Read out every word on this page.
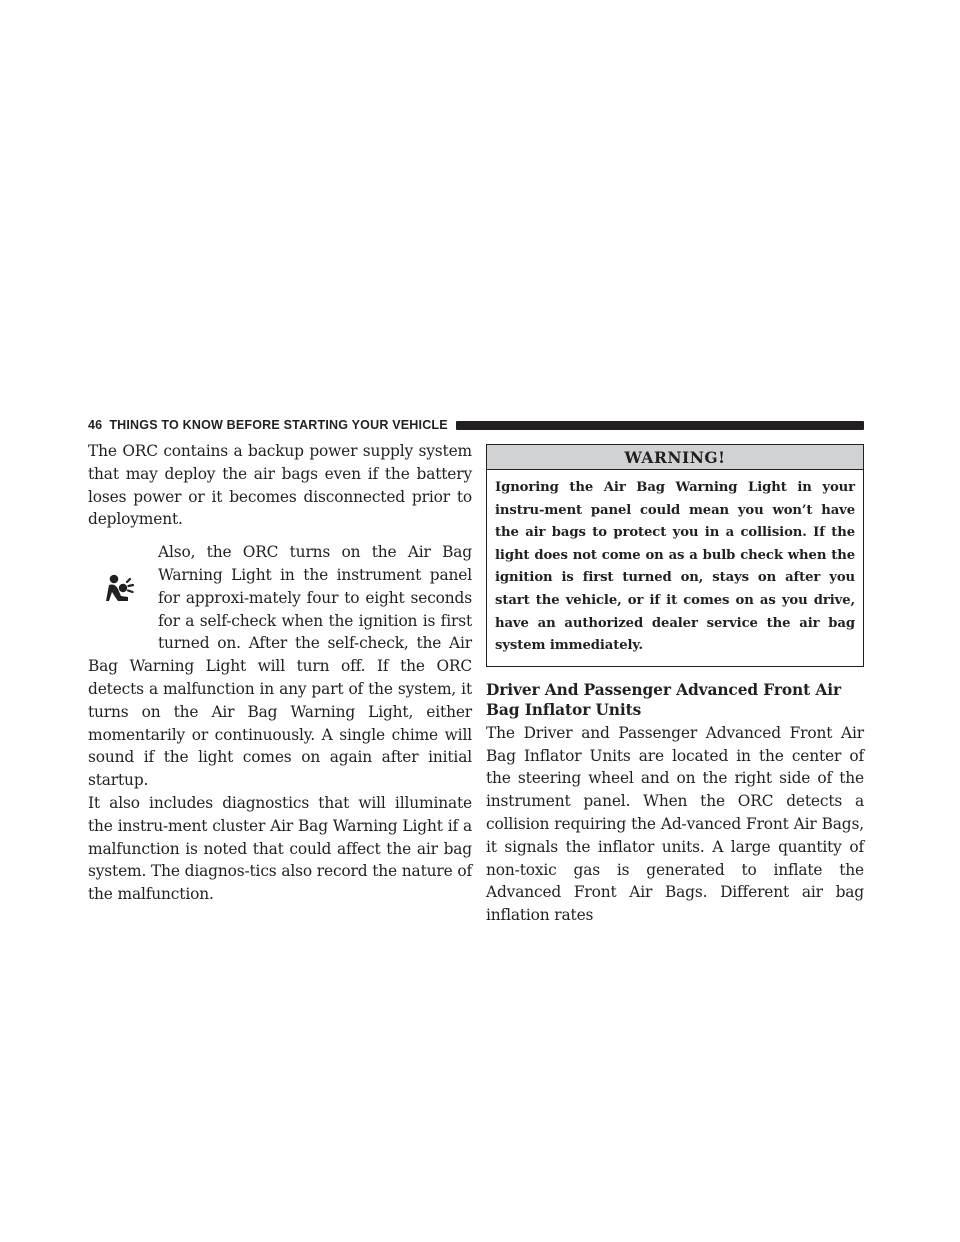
46 THINGS TO KNOW BEFORE STARTING YOUR VEHICLE

The ORC contains a backup power supply system that may deploy the air bags even if the battery loses power or it becomes disconnected prior to deployment.

Also, the ORC turns on the Air Bag Warning Light in the instrument panel for approxi-mately four to eight seconds for a self-check when the ignition is first turned on. After the self-check, the Air Bag Warning Light will turn off. If the ORC detects a malfunction in any part of the system, it turns on the Air Bag Warning Light, either momentarily or continuously. A single chime will sound if the light comes on again after initial startup.

It also includes diagnostics that will illuminate the instru-ment cluster Air Bag Warning Light if a malfunction is noted that could affect the air bag system. The diagnos-tics also record the nature of the malfunction.

WARNING!
Ignoring the Air Bag Warning Light in your instru-ment panel could mean you won’t have the air bags to protect you in a collision. If the light does not come on as a bulb check when the ignition is first turned on, stays on after you start the vehicle, or if it comes on as you drive, have an authorized dealer service the air bag system immediately.
Driver And Passenger Advanced Front Air Bag Inflator Units

The Driver and Passenger Advanced Front Air Bag Inflator Units are located in the center of the steering wheel and on the right side of the instrument panel. When the ORC detects a collision requiring the Ad-vanced Front Air Bags, it signals the inflator units. A large quantity of non-toxic gas is generated to inflate the Advanced Front Air Bags. Different air bag inflation rates
